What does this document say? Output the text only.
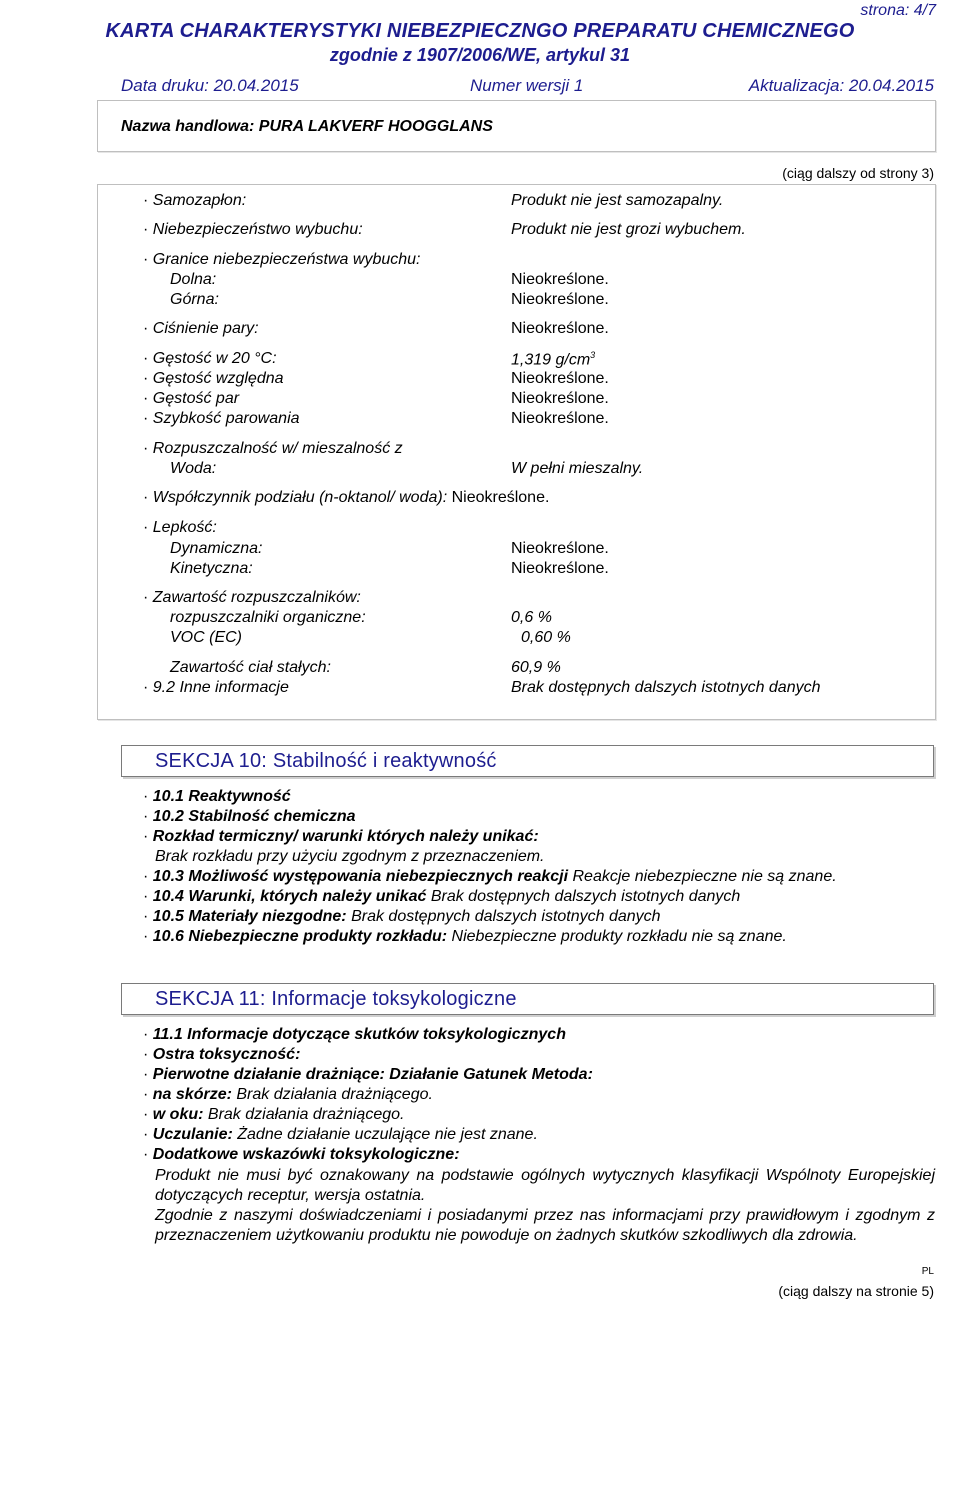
strona: 4/7
KARTA CHARAKTERYSTYKI NIEBEZPIECZNGO PREPARATU CHEMICZNEGO
zgodnie z 1907/2006/WE, artykul 31
Data druku: 20.04.2015	Numer wersji 1	Aktualizacja: 20.04.2015
Nazwa handlowa: PURA LAKVERF HOOGGLANS
(ciąg dalszy od strony 3)
· Samozapłon:	Produkt nie jest samozapalny.
· Niebezpieczeństwo wybuchu:	Produkt nie jest grozi wybuchem.
· Granice niebezpieczeństwa wybuchu:
Dolna:	Nieokreślone.
Górna:	Nieokreślone.
· Ciśnienie pary:	Nieokreślone.
· Gęstość w 20 °C:	1,319 $g/cm^3$
· Gęstość względna	Nieokreślone.
· Gęstość par	Nieokreślone.
· Szybkość parowania	Nieokreślone.
· Rozpuszczalność w/ mieszalność z
Woda:	W pełni mieszalny.
· Współczynnik podziału (n-oktanol/ woda): Nieokreślone.
· Lepkość:
Dynamiczna:	Nieokreślone.
Kinetyczna:	Nieokreślone.
· Zawartość rozpuszczalników:
rozpuszczalniki organiczne:	0,6 %
VOC (EC)	0,60 %
Zawartość ciał stałych:	60,9 %
· 9.2 Inne informacje	Brak dostępnych dalszych istotnych danych
SEKCJA 10: Stabilność i reaktywność
· 10.1 Reaktywność
· 10.2 Stabilność chemiczna
· Rozkład termiczny/ warunki których należy unikać:
Brak rozkładu przy użyciu zgodnym z przeznaczeniem.
· 10.3 Możliwość występowania niebezpiecznych reakcji Reakcje niebezpieczne nie są znane.
· 10.4 Warunki, których należy unikać Brak dostępnych dalszych istotnych danych
· 10.5 Materiały niezgodne: Brak dostępnych dalszych istotnych danych
· 10.6 Niebezpieczne produkty rozkładu: Niebezpieczne produkty rozkładu nie są znane.
SEKCJA 11: Informacje toksykologiczne
· 11.1 Informacje dotyczące skutków toksykologicznych
· Ostra toksyczność:
· Pierwotne działanie drażniące: Działanie Gatunek Metoda:
· na skórze: Brak działania drażniącego.
· w oku: Brak działania drażniącego.
· Uczulanie: Żadne działanie uczulające nie jest znane.
· Dodatkowe wskazówki toksykologiczne:

Produkt nie musi być oznakowany na podstawie ogólnych wytycznych klasyfikacji Wspólnoty Europejskiej dotyczących receptur, wersja ostatnia.

Zgodnie z naszymi doświadczeniami i posiadanymi przez nas informacjami przy prawidłowym i zgodnym z przeznaczeniem użytkowaniu produktu nie powoduje on żadnych skutków szkodliwych dla zdrowia.

PL
(ciąg dalszy na stronie 5)
